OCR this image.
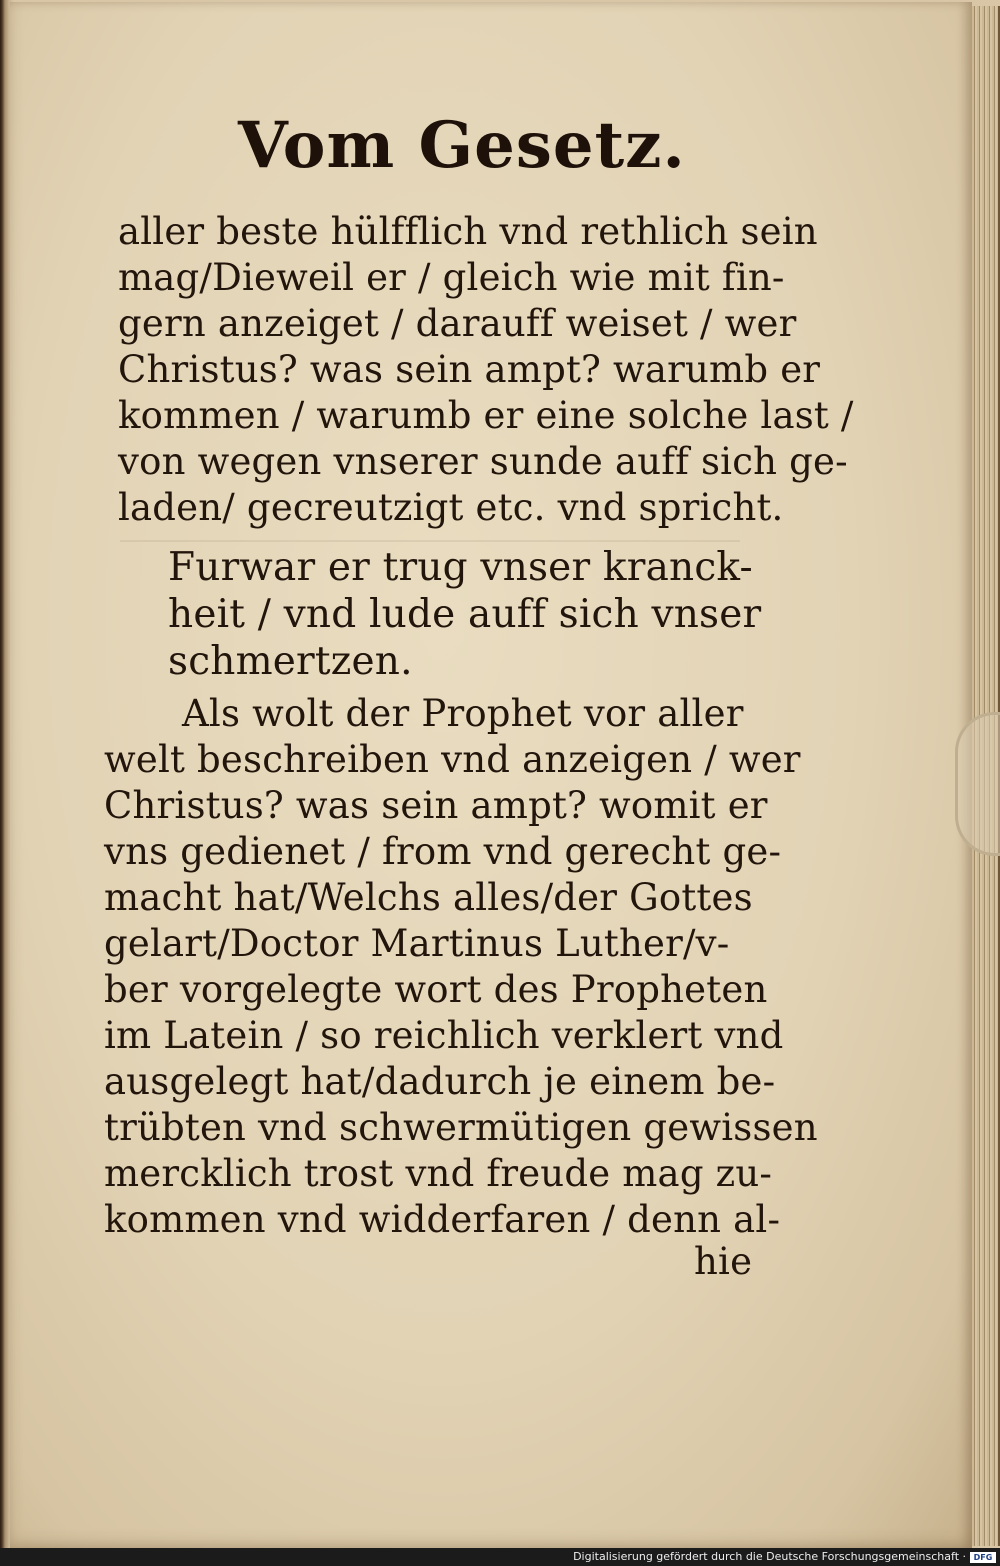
Vom Gesetz.
aller beste hülfflich vnd rethlich sein
mag/Dieweil er / gleich wie mit fin-
gern anzeiget / darauff weiset / wer
Christus? was sein ampt? warumb er
kommen / warumb er eine solche last /
von wegen vnserer sunde auff sich ge-
laden/ gecreutzigt etc. vnd spricht.
Furwar er trug vnser kranck-
heit / vnd lude auff sich vnser
schmertzen.
Als wolt der Prophet vor aller
welt beschreiben vnd anzeigen / wer
Christus? was sein ampt? womit er
vns gedienet / from vnd gerecht ge-
macht hat/Welchs alles/der Gottes
gelart/Doctor Martinus Luther/v-
ber vorgelegte wort des Propheten
im Latein / so reichlich verklert vnd
ausgelegt hat/dadurch je einem be-
trübten vnd schwermütigen gewissen
mercklich trost vnd freude mag zu-
kommen vnd widderfaren / denn al-
hie
Digitalisierung gefördert durch die Deutsche Forschungsgemeinschaft · DFG
